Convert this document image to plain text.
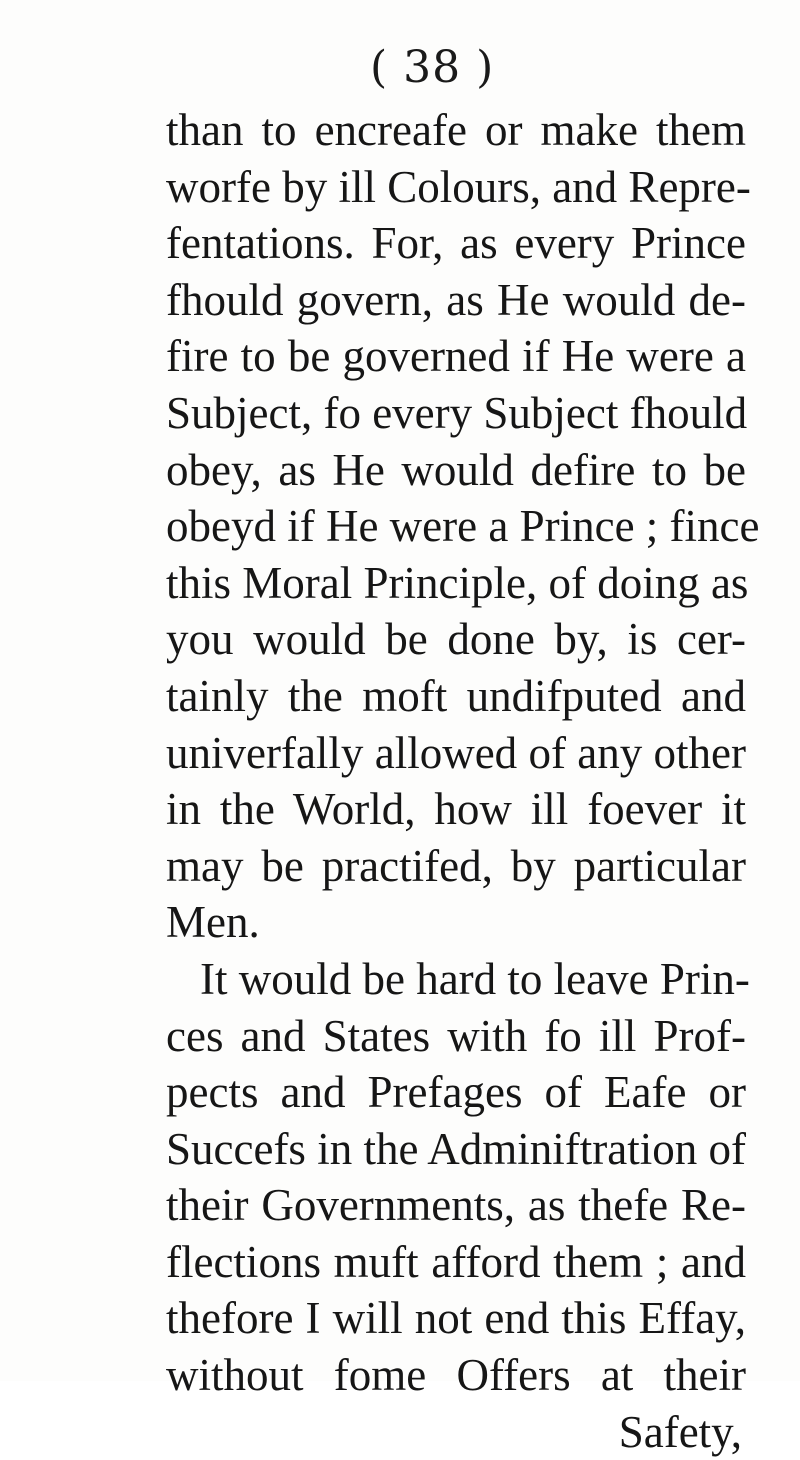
( 38 )
than to encreafe or make them
worfe by ill Colours, and Repre-
fentations. For, as every Prince
fhould govern, as He would de-
fire to be governed if He were a
Subject, fo every Subject fhould
obey, as He would defire to be
obeyd if He were a Prince ; fince
this Moral Principle, of doing as
you would be done by, is cer-
tainly the moft undifputed and
univerfally allowed of any other
in the World, how ill foever it
may be practifed, by particular
Men.
It would be hard to leave Prin-
ces and States with fo ill Prof-
pects and Prefages of Eafe or
Succefs in the Adminiftration of
their Governments, as thefe Re-
flections muft afford them ; and
thefore I will not end this Effay,
without fome Offers at their
Safety,
